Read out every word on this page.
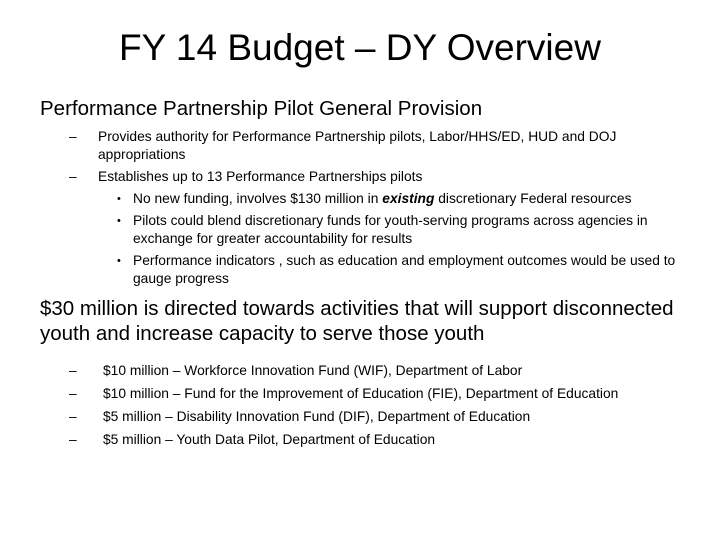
FY 14 Budget – DY Overview

Performance Partnership Pilot General Provision

– Provides authority for Performance Partnership pilots, Labor/HHS/ED, HUD and DOJ appropriations
– Establishes up to 13 Performance Partnerships pilots
• No new funding, involves $130 million in existing discretionary Federal resources
• Pilots could blend discretionary funds for youth-serving programs across agencies in exchange for greater accountability for results
• Performance indicators , such as education and employment outcomes would be used to gauge progress

$30 million is directed towards activities that will support disconnected youth and increase capacity to serve those youth

– $10 million – Workforce Innovation Fund (WIF), Department of Labor
– $10 million – Fund for the Improvement of Education (FIE), Department of Education
– $5 million – Disability Innovation Fund (DIF), Department of Education
– $5 million – Youth Data Pilot, Department of Education
